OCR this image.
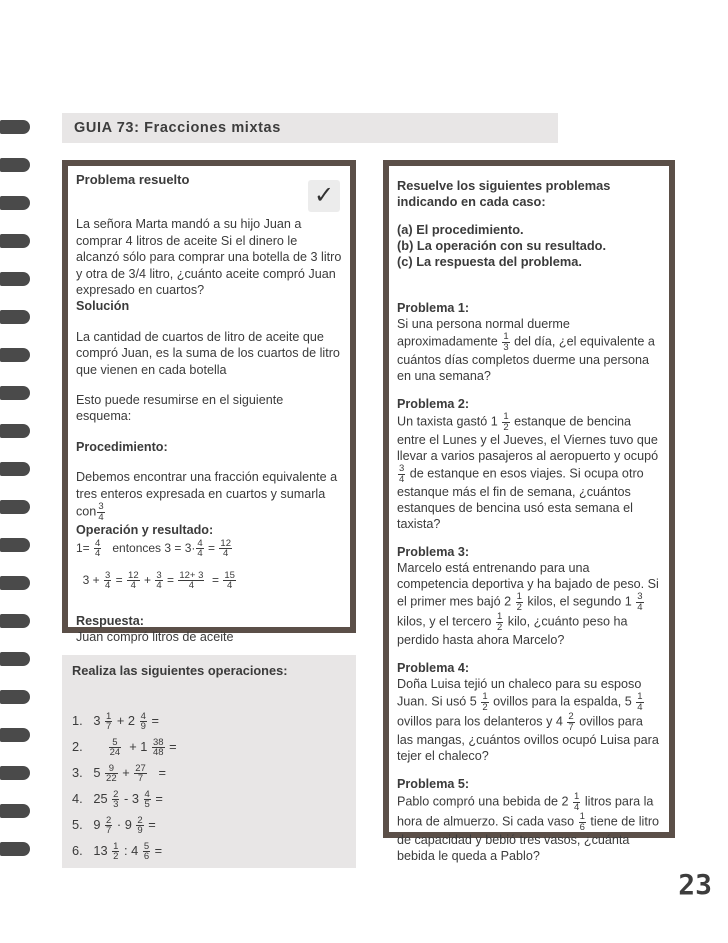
GUIA 73: Fracciones mixtas
Problema resuelto
✓

La señora Marta mandó a su hijo Juan a comprar 4 litros de aceite Si el dinero le alcanzó sólo para comprar una botella de 3 litro y otra de 3/4 litro, ¿cuánto aceite compró Juan expresado en cuartos?

Solución

La cantidad de cuartos de litro de aceite que compró Juan, es la suma de los cuartos de litro que vienen en cada botella

Esto puede resumirse en el siguiente esquema:

Procedimiento:

Debemos encontrar una fracción equivalente a tres enteros expresada en cuartos y sumarla con $\frac{3}{4}$

Operación y resultado:
$1= \frac{4}{4}$ entonces $3 = 3\cdot \frac{4}{4} = \frac{12}{4}$
$3 + \frac{3}{4} = \frac{12}{4} + \frac{3}{4} = \frac{12+ 3}{4} = \frac{15}{4}$

Respuesta:

Juan compró litros de aceite

Realiza las siguientes operaciones:
1. $3 \frac{1}{7} + 2 \frac{4}{9}$ =
2.	$\frac{5}{24} + 1 \frac{38}{48}$ =
3. $5 \frac{9}{22} + \frac{27}{7}$ =
4. $25 \frac{2}{3} - 3 \frac{4}{5}$ =
5. $9 \frac{2}{7} \cdot 9 \frac{2}{9}$ =
6. $13 \frac{1}{2}$ : $4 \frac{5}{6}$ =
Resuelve los siguientes problemas indicando en cada caso:
(a) El procedimiento.
(b) La operación con su resultado.
(c) La respuesta del problema.
Problema 1:
Si una persona normal duerme aproximadamente $\frac{1}{3}$ del día, ¿el equivalente a cuántos días completos duerme una persona en una semana?
Problema 2:
Un taxista gastó $1 \frac{1}{2}$ estanque de bencina entre el Lunes y el Jueves, el Viernes tuvo que llevar a varios pasajeros al aeropuerto y ocupó
$\frac{3}{4}$ de estanque en esos viajes. Si ocupa otro estanque más el fin de semana, ¿cuántos estanques de bencina usó esta semana el taxista?
Problema 3:
Marcelo está entrenando para una competencia deportiva y ha bajado de peso. Si el primer mes bajó $2 \frac{1}{2}$ kilos, el segundo $1 \frac{3}{4}$
kilos, y el tercero $\frac{1}{2}$ kilo, ¿cuánto peso ha perdido hasta ahora Marcelo?
Problema 4:
Doña Luisa tejió un chaleco para su esposo Juan. Si usó $5 \frac{1}{2}$ ovillos para la espalda, $5 \frac{1}{4}$
ovillos para los delanteros y $4 \frac{2}{7}$ ovillos para las mangas, ¿cuántos ovillos ocupó Luisa para tejer el chaleco?
Problema 5:
Pablo compró una bebida de $2 \frac{1}{4}$ litros para la hora de almuerzo. Si cada vaso $\frac{1}{6}$ tiene de litro de capacidad y bebió tres vasos, ¿cuánta bebida le queda a Pablo?
23
